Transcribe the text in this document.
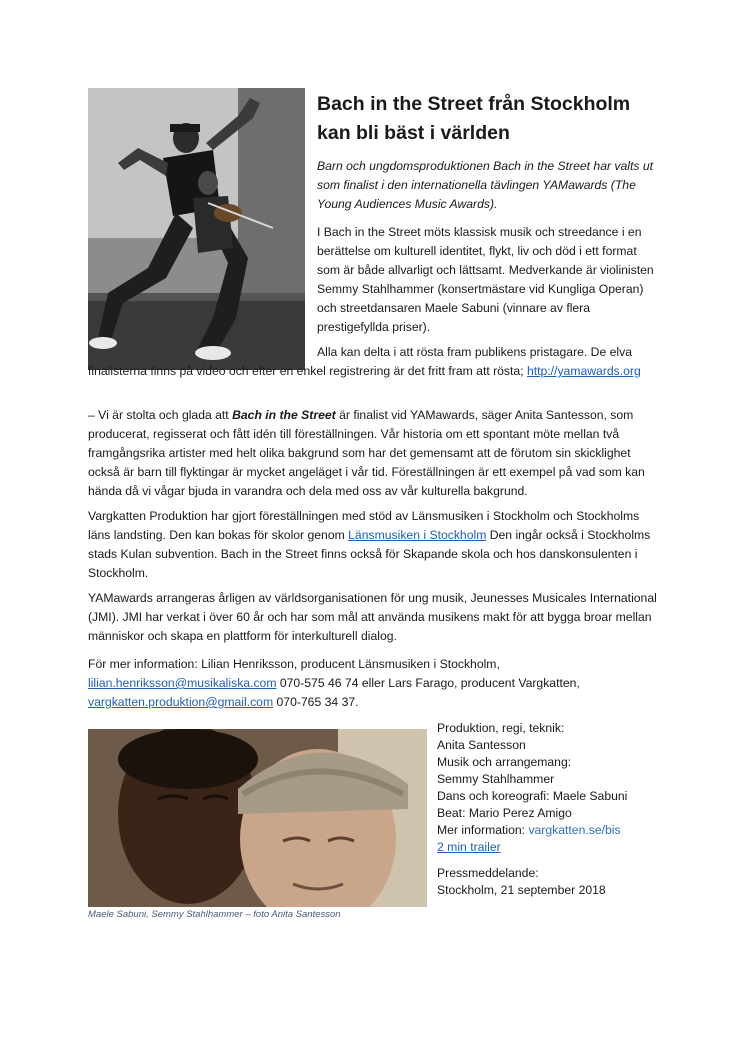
Bach in the Street från Stockholm kan bli bäst i världen

Barn och ungdomsproduktionen Bach in the Street har valts ut som finalist i den internationella tävlingen YAMawards (The Young Audiences Music Awards).

I Bach in the Street möts klassisk musik och streedance i en berättelse om kulturell identitet, flykt, liv och död i ett format som är både allvarligt och lättsamt. Medverkande är violinisten Semmy Stahlhammer (konsertmästare vid Kungliga Operan) och streetdansaren Maele Sabuni (vinnare av flera prestigefyllda priser).

Alla kan delta i att rösta fram publikens pristagare. De elva finalisterna finns på video och efter en enkel registrering är det fritt fram att rösta; http://yamawards.org

– Vi är stolta och glada att Bach in the Street är finalist vid YAMawards, säger Anita Santesson, som producerat, regisserat och fått idén till föreställningen. Vår historia om ett spontant möte mellan två framgångsrika artister med helt olika bakgrund som har det gemensamt att de förutom sin skicklighet också är barn till flyktingar är mycket angeläget i vår tid. Föreställningen är ett exempel på vad som kan hända då vi vågar bjuda in varandra och dela med oss av vår kulturella bakgrund.

Vargkatten Produktion har gjort föreställningen med stöd av Länsmusiken i Stockholm och Stockholms läns landsting. Den kan bokas för skolor genom Länsmusiken i Stockholm Den ingår också i Stockholms stads Kulan subvention. Bach in the Street finns också för Skapande skola och hos danskonsulenten i Stockholm.

YAMawards arrangeras årligen av världsorganisationen för ung musik, Jeunesses Musicales International (JMI). JMI har verkat i över 60 år och har som mål att använda musikens makt för att bygga broar mellan människor och skapa en plattform för interkulturell dialog.

För mer information: Lilian Henriksson, producent Länsmusiken i Stockholm,
lilian.henriksson@musikaliska.com 070-575 46 74 eller Lars Farago, producent Vargkatten,
vargkatten.produktion@gmail.com 070-765 34 37.

Maele Sabuni, Semmy Stahlhammer – foto Anita Santesson
Produktion, regi, teknik:
Anita Santesson
Musik och arrangemang:
Semmy Stahlhammer
Dans och koreografi: Maele Sabuni
Beat: Mario Perez Amigo
Mer information: vargkatten.se/bis
2 min trailer
Pressmeddelande:
Stockholm, 21 september 2018
